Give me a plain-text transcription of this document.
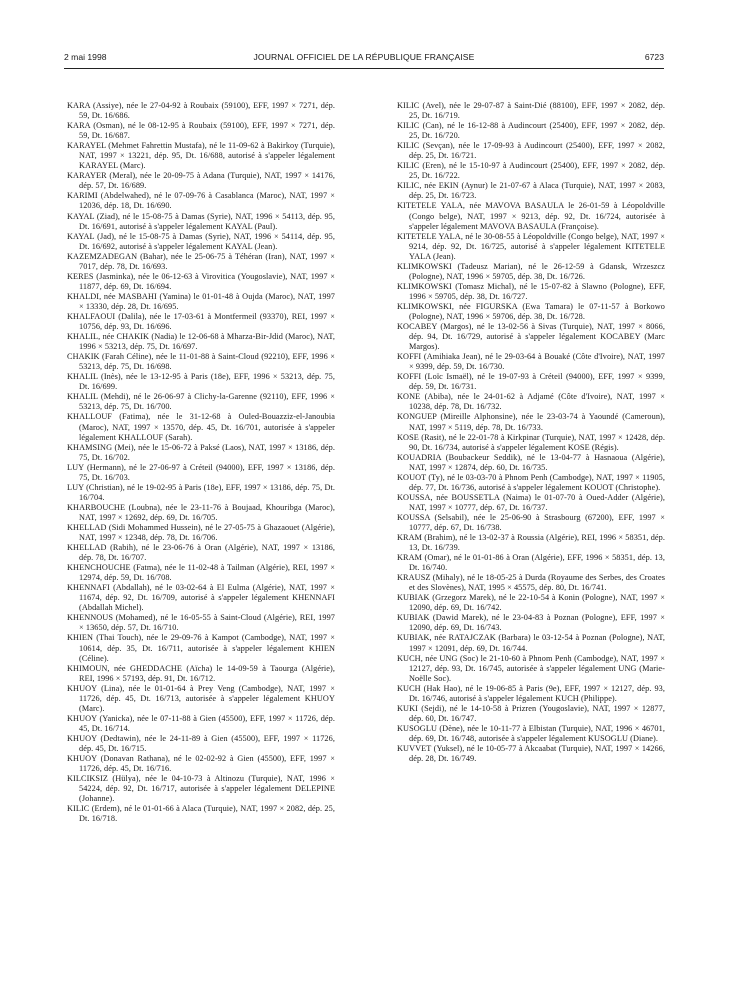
2 mai 1998	JOURNAL OFFICIEL DE LA RÉPUBLIQUE FRANÇAISE	6723

KARA (Assiye), née le 27-04-92 à Roubaix (59100), EFF, 1997 × 7271, dép. 59, Dt. 16/686.

KARA (Osman), né le 08-12-95 à Roubaix (59100), EFF, 1997 × 7271, dép. 59, Dt. 16/687.

KARAYEL (Mehmet Fahrettin Mustafa), né le 11-09-62 à Bakirkoy (Turquie), NAT, 1997 × 13221, dép. 95, Dt. 16/688, autorisé à s'appeler légalement KARAYEL (Marc).

KARAYER (Meral), née le 20-09-75 à Adana (Turquie), NAT, 1997 × 14176, dép. 57, Dt. 16/689.

KARIMI (Abdelwahed), né le 07-09-76 à Casablanca (Maroc), NAT, 1997 × 12036, dép. 18, Dt. 16/690.

KAYAL (Ziad), né le 15-08-75 à Damas (Syrie), NAT, 1996 × 54113, dép. 95, Dt. 16/691, autorisé à s'appeler légalement KAYAL (Paul).

KAYAL (Jad), né le 15-08-75 à Damas (Syrie), NAT, 1996 × 54114, dép. 95, Dt. 16/692, autorisé à s'appeler légalement KAYAL (Jean).

KAZEMZADEGAN (Bahar), née le 25-06-75 à Téhéran (Iran), NAT, 1997 × 7017, dép. 78, Dt. 16/693.

KERES (Jasminka), née le 06-12-63 à Virovitica (Yougoslavie), NAT, 1997 × 11877, dép. 69, Dt. 16/694.

KHALDI, née MASBAHI (Yamina) le 01-01-48 à Oujda (Maroc), NAT, 1997 × 13330, dép. 28, Dt. 16/695.

KHALFAOUI (Dalila), née le 17-03-61 à Montfermeil (93370), REI, 1997 × 10756, dép. 93, Dt. 16/696.

KHALIL, née CHAKIK (Nadia) le 12-06-68 à Mharza-Bir-Jdid (Maroc), NAT, 1996 × 53213, dép. 75, Dt. 16/697.

CHAKIK (Farah Céline), née le 11-01-88 à Saint-Cloud (92210), EFF, 1996 × 53213, dép. 75, Dt. 16/698.

KHALIL (Inès), née le 13-12-95 à Paris (18e), EFF, 1996 × 53213, dép. 75, Dt. 16/699.

KHALIL (Mehdi), né le 26-06-97 à Clichy-la-Garenne (92110), EFF, 1996 × 53213, dép. 75, Dt. 16/700.

KHALLOUF (Fatima), née le 31-12-68 à Ouled-Bouazziz-el-Janoubia (Maroc), NAT, 1997 × 13570, dép. 45, Dt. 16/701, autorisée à s'appeler légalement KHALLOUF (Sarah).

KHAMSING (Mei), née le 15-06-72 à Paksé (Laos), NAT, 1997 × 13186, dép. 75, Dt. 16/702.

LUY (Hermann), né le 27-06-97 à Créteil (94000), EFF, 1997 × 13186, dép. 75, Dt. 16/703.

LUY (Christian), né le 19-02-95 à Paris (18e), EFF, 1997 × 13186, dép. 75, Dt. 16/704.

KHARBOUCHE (Loubna), née le 23-11-76 à Boujaad, Khouribga (Maroc), NAT, 1997 × 12692, dép. 69, Dt. 16/705.

KHELLAD (Sidi Mohammed Hussein), né le 27-05-75 à Ghazaouet (Algérie), NAT, 1997 × 12348, dép. 78, Dt. 16/706.

KHELLAD (Rabih), né le 23-06-76 à Oran (Algérie), NAT, 1997 × 13186, dép. 78, Dt. 16/707.

KHENCHOUCHE (Fatma), née le 11-02-48 à Tailman (Algérie), REI, 1997 × 12974, dép. 59, Dt. 16/708.

KHENNAFI (Abdallah), né le 03-02-64 à El Eulma (Algérie), NAT, 1997 × 11674, dép. 92, Dt. 16/709, autorisé à s'appeler légalement KHENNAFI (Abdallah Michel).

KHENNOUS (Mohamed), né le 16-05-55 à Saint-Cloud (Algérie), REI, 1997 × 13650, dép. 57, Dt. 16/710.

KHIEN (Thai Touch), née le 29-09-76 à Kampot (Cambodge), NAT, 1997 × 10614, dép. 35, Dt. 16/711, autorisée à s'appeler légalement KHIEN (Céline).

KHIMOUN, née GHEDDACHE (Aïcha) le 14-09-59 à Taourga (Algérie), REI, 1996 × 57193, dép. 91, Dt. 16/712.

KHUOY (Lina), née le 01-01-64 à Prey Veng (Cambodge), NAT, 1997 × 11726, dép. 45, Dt. 16/713, autorisée à s'appeler légalement KHUOY (Marc).

KHUOY (Yanicka), née le 07-11-88 à Gien (45500), EFF, 1997 × 11726, dép. 45, Dt. 16/714.

KHUOY (Dedtawin), née le 24-11-89 à Gien (45500), EFF, 1997 × 11726, dép. 45, Dt. 16/715.

KHUOY (Donavan Rathana), né le 02-02-92 à Gien (45500), EFF, 1997 × 11726, dép. 45, Dt. 16/716.

KILCIKSIZ (Hülya), née le 04-10-73 à Altinozu (Turquie), NAT, 1996 × 54224, dép. 92, Dt. 16/717, autorisée à s'appeler légalement DELEPINE (Johanne).

KILIC (Erdem), né le 01-01-66 à Alaca (Turquie), NAT, 1997 × 2082, dép. 25, Dt. 16/718.

KILIC (Avel), née le 29-07-87 à Saint-Dié (88100), EFF, 1997 × 2082, dép. 25, Dt. 16/719.

KILIC (Can), né le 16-12-88 à Audincourt (25400), EFF, 1997 × 2082, dép. 25, Dt. 16/720.

KILIC (Sevçan), née le 17-09-93 à Audincourt (25400), EFF, 1997 × 2082, dép. 25, Dt. 16/721.

KILIC (Eren), né le 15-10-97 à Audincourt (25400), EFF, 1997 × 2082, dép. 25, Dt. 16/722.

KILIC, née EKIN (Aynur) le 21-07-67 à Alaca (Turquie), NAT, 1997 × 2083, dép. 25, Dt. 16/723.

KITETELE YALA, née MAVOVA BASAULA le 26-01-59 à Léopoldville (Congo belge), NAT, 1997 × 9213, dép. 92, Dt. 16/724, autorisée à s'appeler légalement MAVOVA BASAULA (Françoise).

KITETELE YALA, né le 30-08-55 à Léopoldville (Congo belge), NAT, 1997 × 9214, dép. 92, Dt. 16/725, autorisé à s'appeler légalement KITETELE YALA (Jean).

KLIMKOWSKI (Tadeusz Marian), né le 26-12-59 à Gdansk, Wrzeszcz (Pologne), NAT, 1996 × 59705, dép. 38, Dt. 16/726.

KLIMKOWSKI (Tomasz Michal), né le 15-07-82 à Slawno (Pologne), EFF, 1996 × 59705, dép. 38, Dt. 16/727.

KLIMKOWSKI, née FIGURSKA (Ewa Tamara) le 07-11-57 à Borkowo (Pologne), NAT, 1996 × 59706, dép. 38, Dt. 16/728.

KOCABEY (Margos), né le 13-02-56 à Sivas (Turquie), NAT, 1997 × 8066, dép. 94, Dt. 16/729, autorisé à s'appeler légalement KOCABEY (Marc Margos).

KOFFI (Amihiaka Jean), né le 29-03-64 à Bouaké (Côte d'Ivoire), NAT, 1997 × 9399, dép. 59, Dt. 16/730.

KOFFI (Loïc Ismaël), né le 19-07-93 à Créteil (94000), EFF, 1997 × 9399, dép. 59, Dt. 16/731.

KONE (Abiba), née le 24-01-62 à Adjamé (Côte d'Ivoire), NAT, 1997 × 10238, dép. 78, Dt. 16/732.

KONGUEP (Mireille Alphonsine), née le 23-03-74 à Yaoundé (Cameroun), NAT, 1997 × 5119, dép. 78, Dt. 16/733.

KOSE (Rasit), né le 22-01-78 à Kirkpinar (Turquie), NAT, 1997 × 12428, dép. 90, Dt. 16/734, autorisé à s'appeler légalement KOSE (Régis).

KOUADRIA (Boubackeur Seddik), né le 13-04-77 à Hasnaoua (Algérie), NAT, 1997 × 12874, dép. 60, Dt. 16/735.

KOUOT (Ty), né le 03-03-70 à Phnom Penh (Cambodge), NAT, 1997 × 11905, dép. 77, Dt. 16/736, autorisé à s'appeler légalement KOUOT (Christophe).

KOUSSA, née BOUSSETLA (Naima) le 01-07-70 à Oued-Adder (Algérie), NAT, 1997 × 10777, dép. 67, Dt. 16/737.

KOUSSA (Selsabil), née le 25-06-90 à Strasbourg (67200), EFF, 1997 × 10777, dép. 67, Dt. 16/738.

KRAM (Brahim), né le 13-02-37 à Roussia (Algérie), REI, 1996 × 58351, dép. 13, Dt. 16/739.

KRAM (Omar), né le 01-01-86 à Oran (Algérie), EFF, 1996 × 58351, dép. 13, Dt. 16/740.

KRAUSZ (Mihaly), né le 18-05-25 à Durda (Royaume des Serbes, des Croates et des Slovènes), NAT, 1995 × 45575, dép. 80, Dt. 16/741.

KUBIAK (Grzegorz Marek), né le 22-10-54 à Konin (Pologne), NAT, 1997 × 12090, dép. 69, Dt. 16/742.

KUBIAK (Dawid Marek), né le 23-04-83 à Poznan (Pologne), EFF, 1997 × 12090, dép. 69, Dt. 16/743.

KUBIAK, née RATAJCZAK (Barbara) le 03-12-54 à Poznan (Pologne), NAT, 1997 × 12091, dép. 69, Dt. 16/744.

KUCH, née UNG (Soc) le 21-10-60 à Phnom Penh (Cambodge), NAT, 1997 × 12127, dép. 93, Dt. 16/745, autorisée à s'appeler légalement UNG (Marie-Noëlle Soc).

KUCH (Hak Hao), né le 19-06-85 à Paris (9e), EFF, 1997 × 12127, dép. 93, Dt. 16/746, autorisé à s'appeler légalement KUCH (Philippe).

KUKI (Sejdi), né le 14-10-58 à Prizren (Yougoslavie), NAT, 1997 × 12877, dép. 60, Dt. 16/747.

KUSOGLU (Dène), née le 10-11-77 à Elbistan (Turquie), NAT, 1996 × 46701, dép. 69, Dt. 16/748, autorisée à s'appeler légalement KUSOGLU (Diane).

KUVVET (Yuksel), né le 10-05-77 à Akcaabat (Turquie), NAT, 1997 × 14266, dép. 28, Dt. 16/749.
